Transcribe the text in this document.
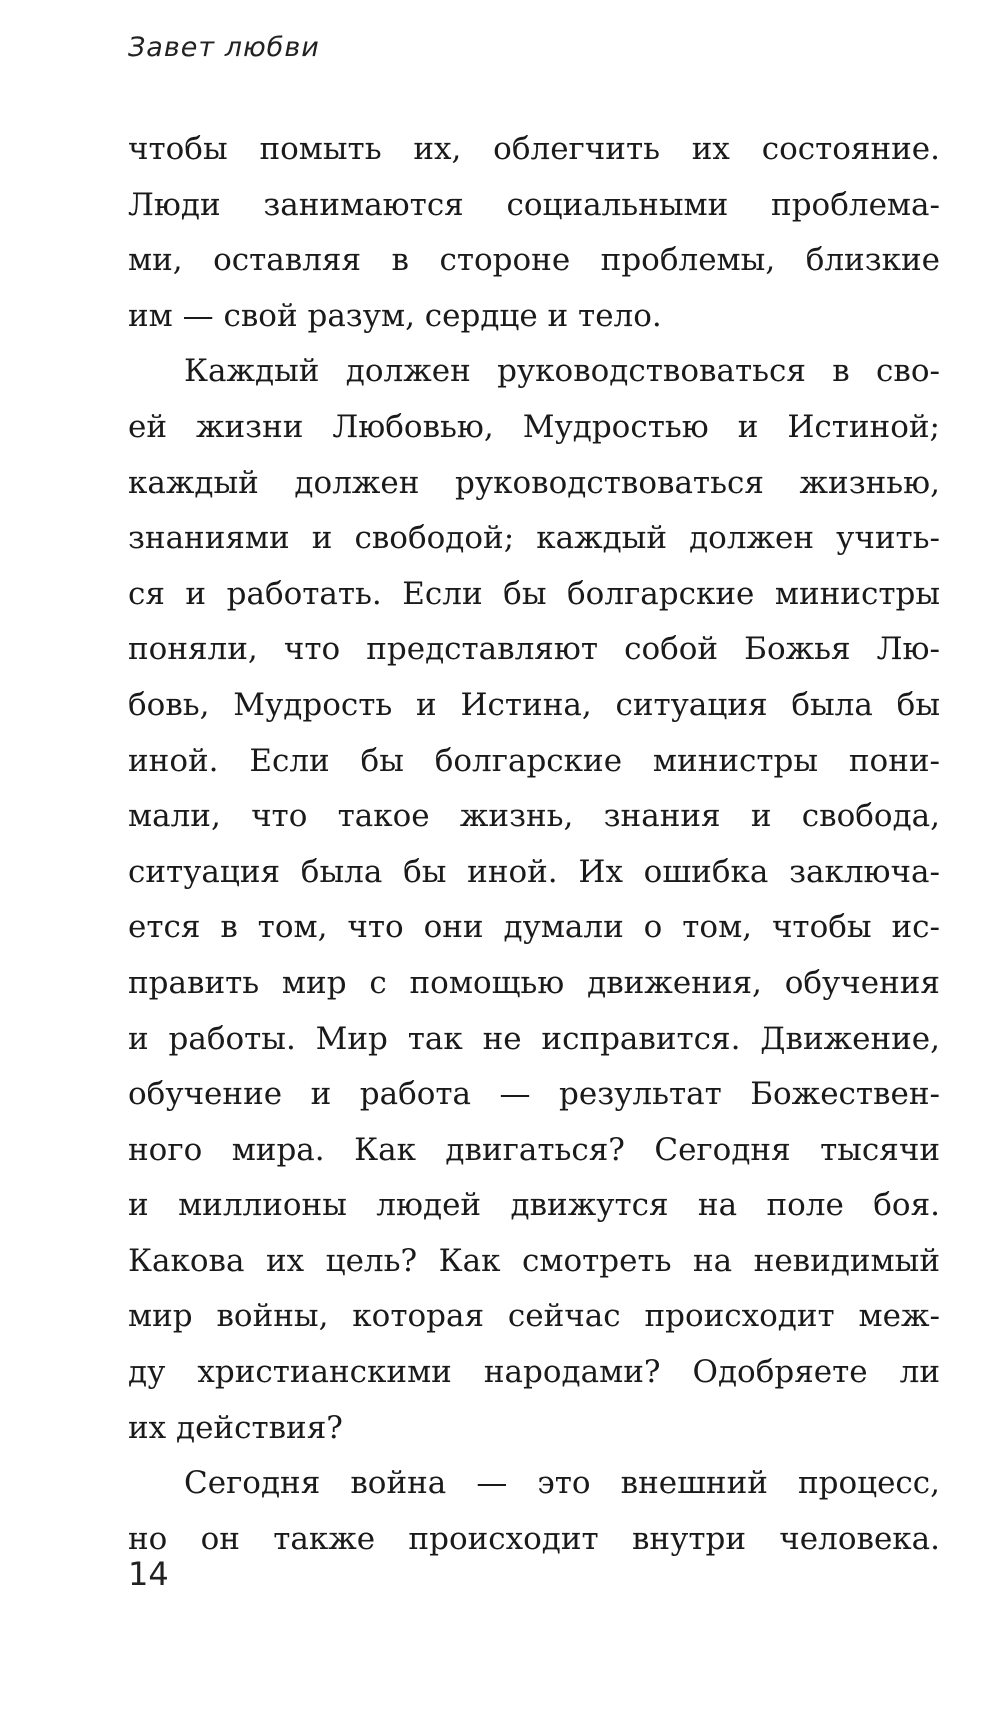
Завет любви

чтобы помыть их, облегчить их состояние.
Люди занимаются социальными проблема-
ми, оставляя в стороне проблемы, близкие
им — свой разум, сердце и тело.
Каждый должен руководствоваться в сво-
ей жизни Любовью, Мудростью и Истиной;
каждый должен руководствоваться жизнью,
знаниями и свободой; каждый должен учить-
ся и работать. Если бы болгарские министры
поняли, что представляют собой Божья Лю-
бовь, Мудрость и Истина, ситуация была бы
иной. Если бы болгарские министры пони-
мали, что такое жизнь, знания и свобода,
ситуация была бы иной. Их ошибка заключа-
ется в том, что они думали о том, чтобы ис-
править мир с помощью движения, обучения
и работы. Мир так не исправится. Движение,
обучение и работа — результат Божествен-
ного мира. Как двигаться? Сегодня тысячи
и миллионы людей движутся на поле боя.
Какова их цель? Как смотреть на невидимый
мир войны, которая сейчас происходит меж-
ду христианскими народами? Одобряете ли
их действия?
Сегодня война — это внешний процесс,
но он также происходит внутри человека.

14
